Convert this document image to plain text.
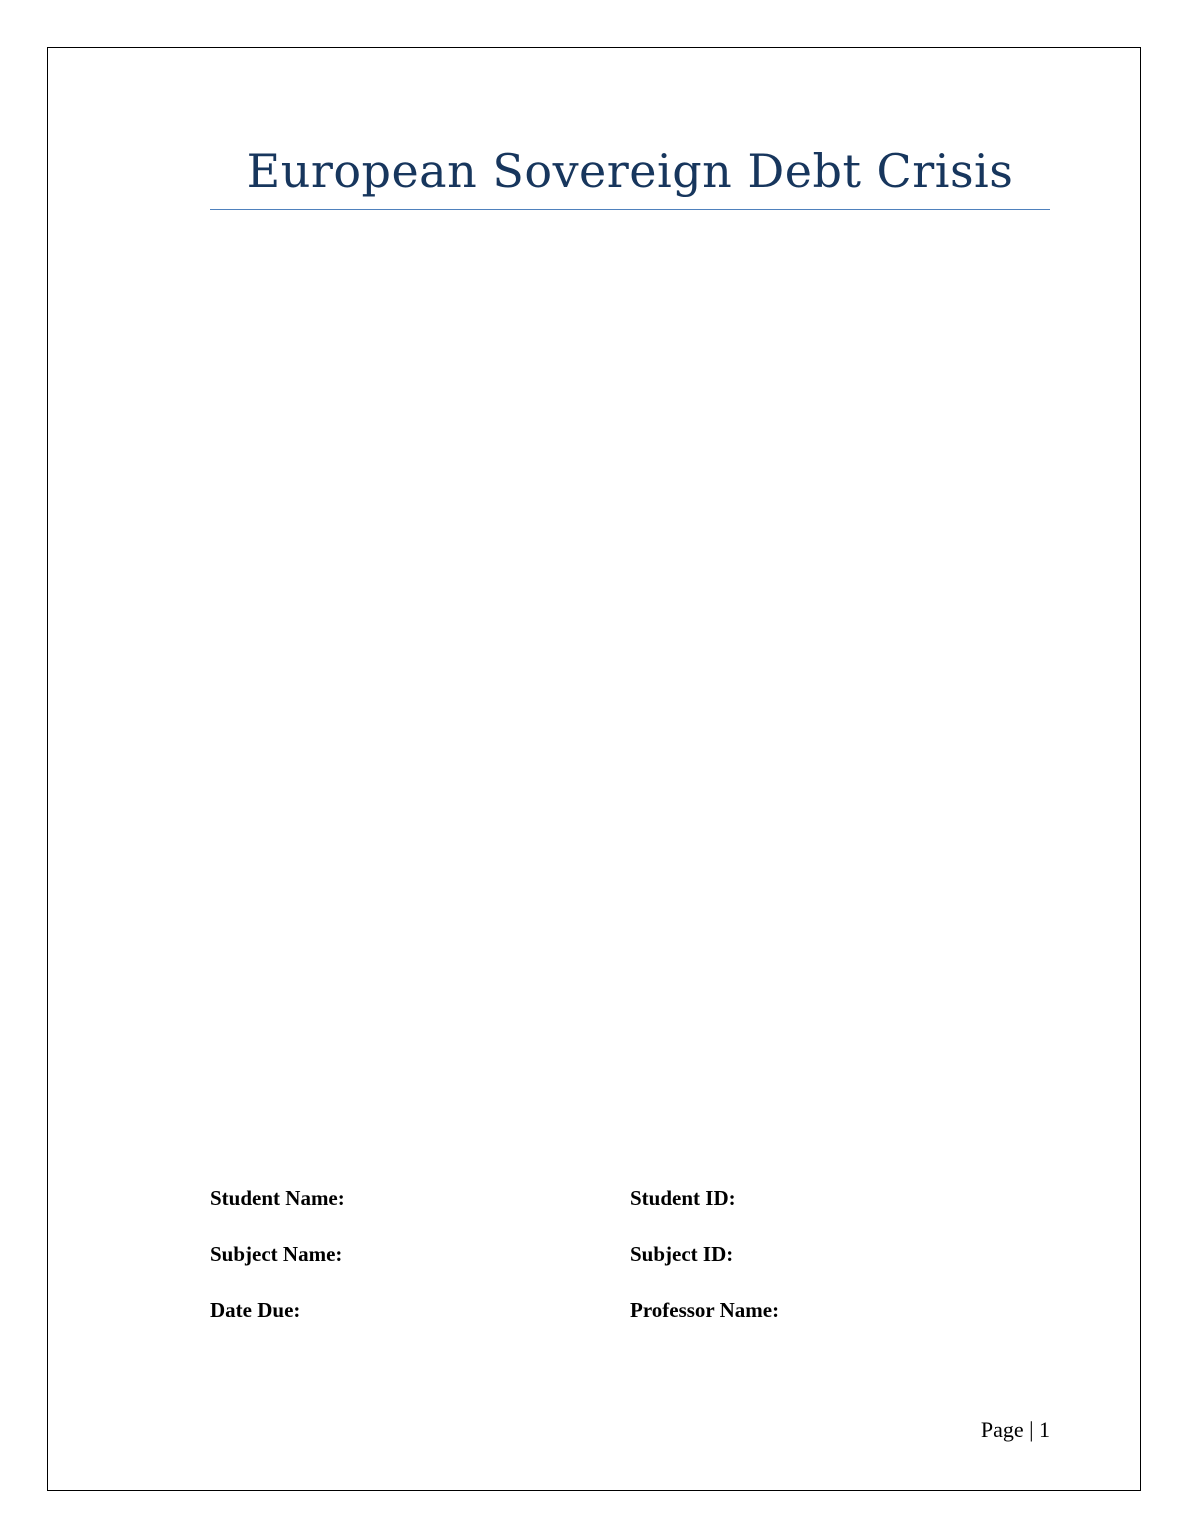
European Sovereign Debt Crisis
Student Name:	Student ID:
Subject Name:	Subject ID:
Date Due:	Professor Name:
Page | 1
